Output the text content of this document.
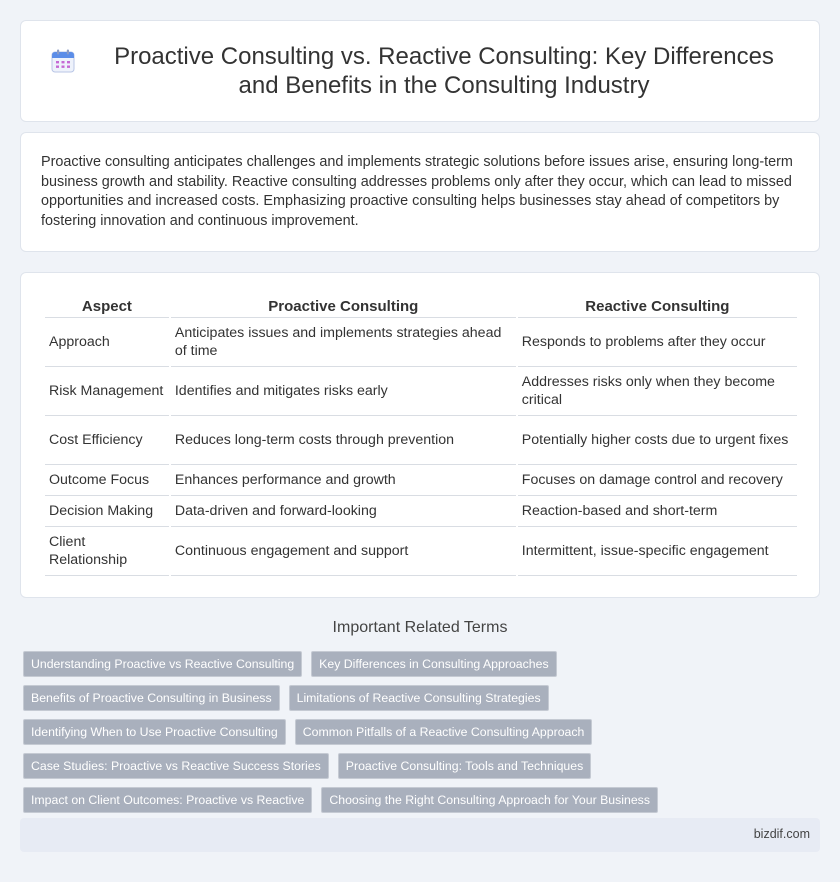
Proactive Consulting vs. Reactive Consulting: Key Differences and Benefits in the Consulting Industry

Proactive consulting anticipates challenges and implements strategic solutions before issues arise, ensuring long-term business growth and stability. Reactive consulting addresses problems only after they occur, which can lead to missed opportunities and increased costs. Emphasizing proactive consulting helps businesses stay ahead of competitors by fostering innovation and continuous improvement.

Aspect	Proactive Consulting	Reactive Consulting
Approach	Anticipates issues and implements strategies ahead of time	Responds to problems after they occur
Risk Management	Identifies and mitigates risks early	Addresses risks only when they become critical
Cost Efficiency	Reduces long-term costs through prevention	Potentially higher costs due to urgent fixes
Outcome Focus	Enhances performance and growth	Focuses on damage control and recovery
Decision Making	Data-driven and forward-looking	Reaction-based and short-term
Client Relationship	Continuous engagement and support	Intermittent, issue-specific engagement
Important Related Terms
Understanding Proactive vs Reactive Consulting	Key Differences in Consulting Approaches
Benefits of Proactive Consulting in Business	Limitations of Reactive Consulting Strategies
Identifying When to Use Proactive Consulting	Common Pitfalls of a Reactive Consulting Approach
Case Studies: Proactive vs Reactive Success Stories	Proactive Consulting: Tools and Techniques
Impact on Client Outcomes: Proactive vs Reactive	Choosing the Right Consulting Approach for Your Business
bizdif.com
